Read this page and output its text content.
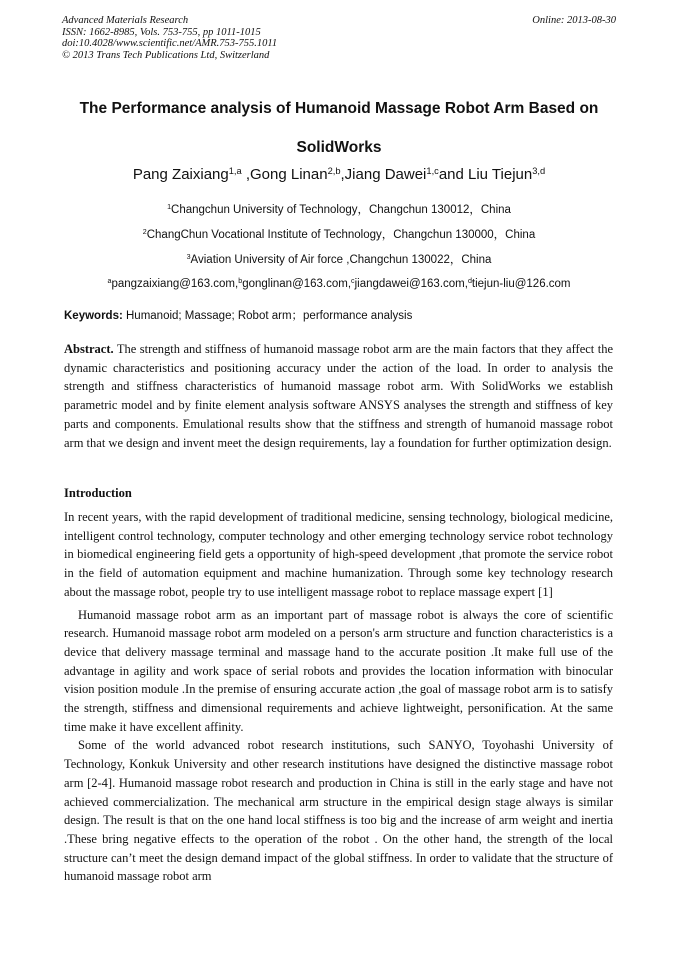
Advanced Materials Research
ISSN: 1662-8985, Vols. 753-755, pp 1011-1015
doi:10.4028/www.scientific.net/AMR.753-755.1011
© 2013 Trans Tech Publications Ltd, Switzerland
Online: 2013-08-30
The Performance analysis of Humanoid Massage Robot Arm Based on
SolidWorks
Pang Zaixiang$^{1,a}$ ,Gong Linan$^{2,b}$,Jiang Dawei$^{1,c}$and Liu Tiejun$^{3,d}$
$^1$Changchun University of Technology，Changchun 130012，China
$^2$ChangChun Vocational Institute of Technology，Changchun 130000，China
$^3$Aviation University of Air force ,Changchun 130022，China
$^a$pangzaixiang@163.com,$^b$gonglinan@163.com,$^c$jiangdawei@163.com,$^d$tiejun-liu@126.com
Keywords: Humanoid; Massage; Robot arm；performance analysis
Abstract. The strength and stiffness of humanoid massage robot arm are the main factors that they affect the dynamic characteristics and positioning accuracy under the action of the load. In order to analysis the strength and stiffness characteristics of humanoid massage robot arm. With SolidWorks we establish parametric model and by finite element analysis software ANSYS analyses the strength and stiffness of key parts and components. Emulational results show that the stiffness and strength of humanoid massage robot arm that we design and invent meet the design requirements, lay a foundation for further optimization design.
Introduction

In recent years, with the rapid development of traditional medicine, sensing technology, biological medicine, intelligent control technology, computer technology and other emerging technology service robot technology in biomedical engineering field gets a opportunity of high-speed development ,that promote the service robot in the field of automation equipment and machine humanization. Through some key technology research about the massage robot, people try to use intelligent massage robot to replace massage expert [1]

Humanoid massage robot arm as an important part of massage robot is always the core of scientific research. Humanoid massage robot arm modeled on a person's arm structure and function characteristics is a device that delivery massage terminal and massage hand to the accurate position .It make full use of the advantage in agility and work space of serial robots and provides the location information with binocular vision position module .In the premise of ensuring accurate action ,the goal of massage robot arm is to satisfy the strength, stiffness and dimensional requirements and achieve lightweight, personification. At the same time make it have excellent affinity.

Some of the world advanced robot research institutions, such SANYO, Toyohashi University of Technology, Konkuk University and other research institutions have designed the distinctive massage robot arm [2-4]. Humanoid massage robot research and production in China is still in the early stage and have not achieved commercialization. The mechanical arm structure in the empirical design stage always is similar design. The result is that on the one hand local stiffness is too big and the increase of arm weight and inertia .These bring negative effects to the operation of the robot . On the other hand, the strength of the local structure can’t meet the design demand impact of the global stiffness. In order to validate that the structure of humanoid massage robot arm
